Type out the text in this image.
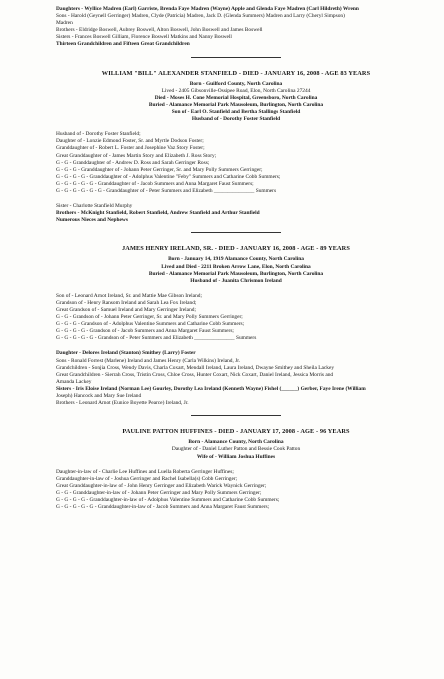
Daughters - Wyllice Madren (Earl) Garriste, Brenda Faye Madren (Wayne) Apple and Glenda Faye Madren (Carl Hildreth) Wrenn
Sons - Harold (Geynell Gerringer) Madren, Clyde (Patricia) Madren, Jack D. (Glenda Summers) Madren and Larry (Cheryl Simpson)
Madren
Brothers - Eldridge Boswell, Aubrey Boswell, Alton Boswell, John Boswell and James Boswell
Sisters - Frances Boswell Gilliam, Florence Boswell Matkins and Nanny Boswell
Thirteen Grandchildren and Fifteen Great Grandchildren
WILLIAM "BILL" ALEXANDER STANFIELD - DIED - JANUARY 16, 2008 - AGE 83 YEARS
Born - Guilford County, North Carolina
Lived - 2405 Gibsonville-Ossipee Road, Elon, North Carolina 27244
Died - Moses H. Cone Memorial Hospital, Greensboro, North Carolina
Buried - Alamance Memorial Park Mausoleum, Burlington, North Carolina
Son of - Earl O. Stanfield and Bertha Stallings Stanfield
Husband of - Dorothy Foster Stanfield
Husband of - Dorothy Foster Stanfield;
Daughter of - Lonzie Edmond Foster, Sr. and Myrtle Dodson Foster;
Granddaughter of - Robert L. Foster and Josephine Vaz Story Foster;
Great Granddaughter of - James Martin Story and Elizabeth J. Ross Story;
G - G - Granddaughter of - Andrew D. Ross and Sarah Gerringer Ross;
G - G - G - Granddaughter of - Johann Peter Gerringer, Sr. and Mary Polly Summers Gerringer;
G - G - G - G - Granddaughter of - Adolphus Valentine "Feby" Summers and Catharine Cobb Summers;
G - G - G - G - G - Granddaughter of - Jacob Summers and Anna Margaret Faust Summers;
G - G - G - G - G - G - Granddaughter of - Peter Summers and Elizabeth _______________ Summers
Sister - Charlotte Stanfield Murphy
Brothers - McKnight Stanfield, Robert Stanfield, Andrew Stanfield and Arthur Stanfield
Numerous Nieces and Nephews
JAMES HENRY IRELAND, SR. - DIED - JANUARY 16, 2008 - AGE - 89 YEARS
Born - January 14, 1919 Alamance County, North Carolina
Lived and Died - 2211 Broken Arrow Lane, Elon, North Carolina
Buried - Alamance Memorial Park Mausoleum, Burlington, North Carolina
Husband of - Juanita Chrismon Ireland
Son of - Leonard Arnot Ireland, Sr. and Mattie Mae Gibson Ireland;
Grandson of - Henry Ransom Ireland and Sarah Lea Fox Ireland;
Great Grandson of - Samuel Ireland and Mary Gerringer Ireland;
G - G - Grandson of - Johann Peter Gerringer, Sr. and Mary Polly Summers Gerringer;
G - G - G - Grandson of - Adolphus Valentine Summers and Catharine Cobb Summers;
G - G - G - G - Grandson of - Jacob Summers and Anna Margaret Faust Summers;
G - G - G - G - G - Grandson of - Peter Summers and Elizabeth _______________ Summers
Daughter - Delores Ireland (Stanton) Smithey (Larry) Foster
Sons - Ronald Forrest (Marlene) Ireland and James Henry (Carla Wilkins) Ireland, Jr.
Grandchildren - Sonjia Cross, Wendy Davis, Charla Coxart, Mendall Ireland, Laura Ireland, Dwayne Smithey and Sheila Lackey
Great Grandchildren - Sierrah Cross, Tristin Cross, Chloe Cross, Hunter Coxart, Nick Coxart, Daniel Ireland, Jessica Morris and
Amanda Lackey
Sisters - Iris Eloise Ireland (Norman Lee) Gourley, Dorothy Lea Ireland (Kenneth Wayne) Fishel (______) Gerber, Faye Irene (William
Joseph) Hancock and Mary Sue Ireland
Brothers - Leonard Arnot (Eunice Boyette Pearce) Ireland, Jr.
PAULINE PATTON HUFFINES - DIED - JANUARY 17, 2008 - AGE - 96 YEARS
Born - Alamance County, North Carolina
Daughter of - Daniel Luther Patton and Bessie Cook Patton
Wife of - William Joshua Huffines
Daughter-in-law of - Charlie Lee Huffines and Luella Roberta Gerringer Huffines;
Granddaughter-in-law of - Joshua Gerringer and Rachel Isabella(s) Cobb Gerringer;
Great Granddaughter-in-law of - John Henry Gerringer and Elizabeth Warick Waynick Gerringer;
G - G - Granddaughter-in-law of - Johann Peter Gerringer and Mary Polly Summers Gerringer;
G - G - G - G - Granddaughter-in-law of - Adolphus Valentine Summers and Catharine Cobb Summers;
G - G - G - G - G - Granddaughter-in-law of - Jacob Summers and Anna Margaret Faust Summers;
